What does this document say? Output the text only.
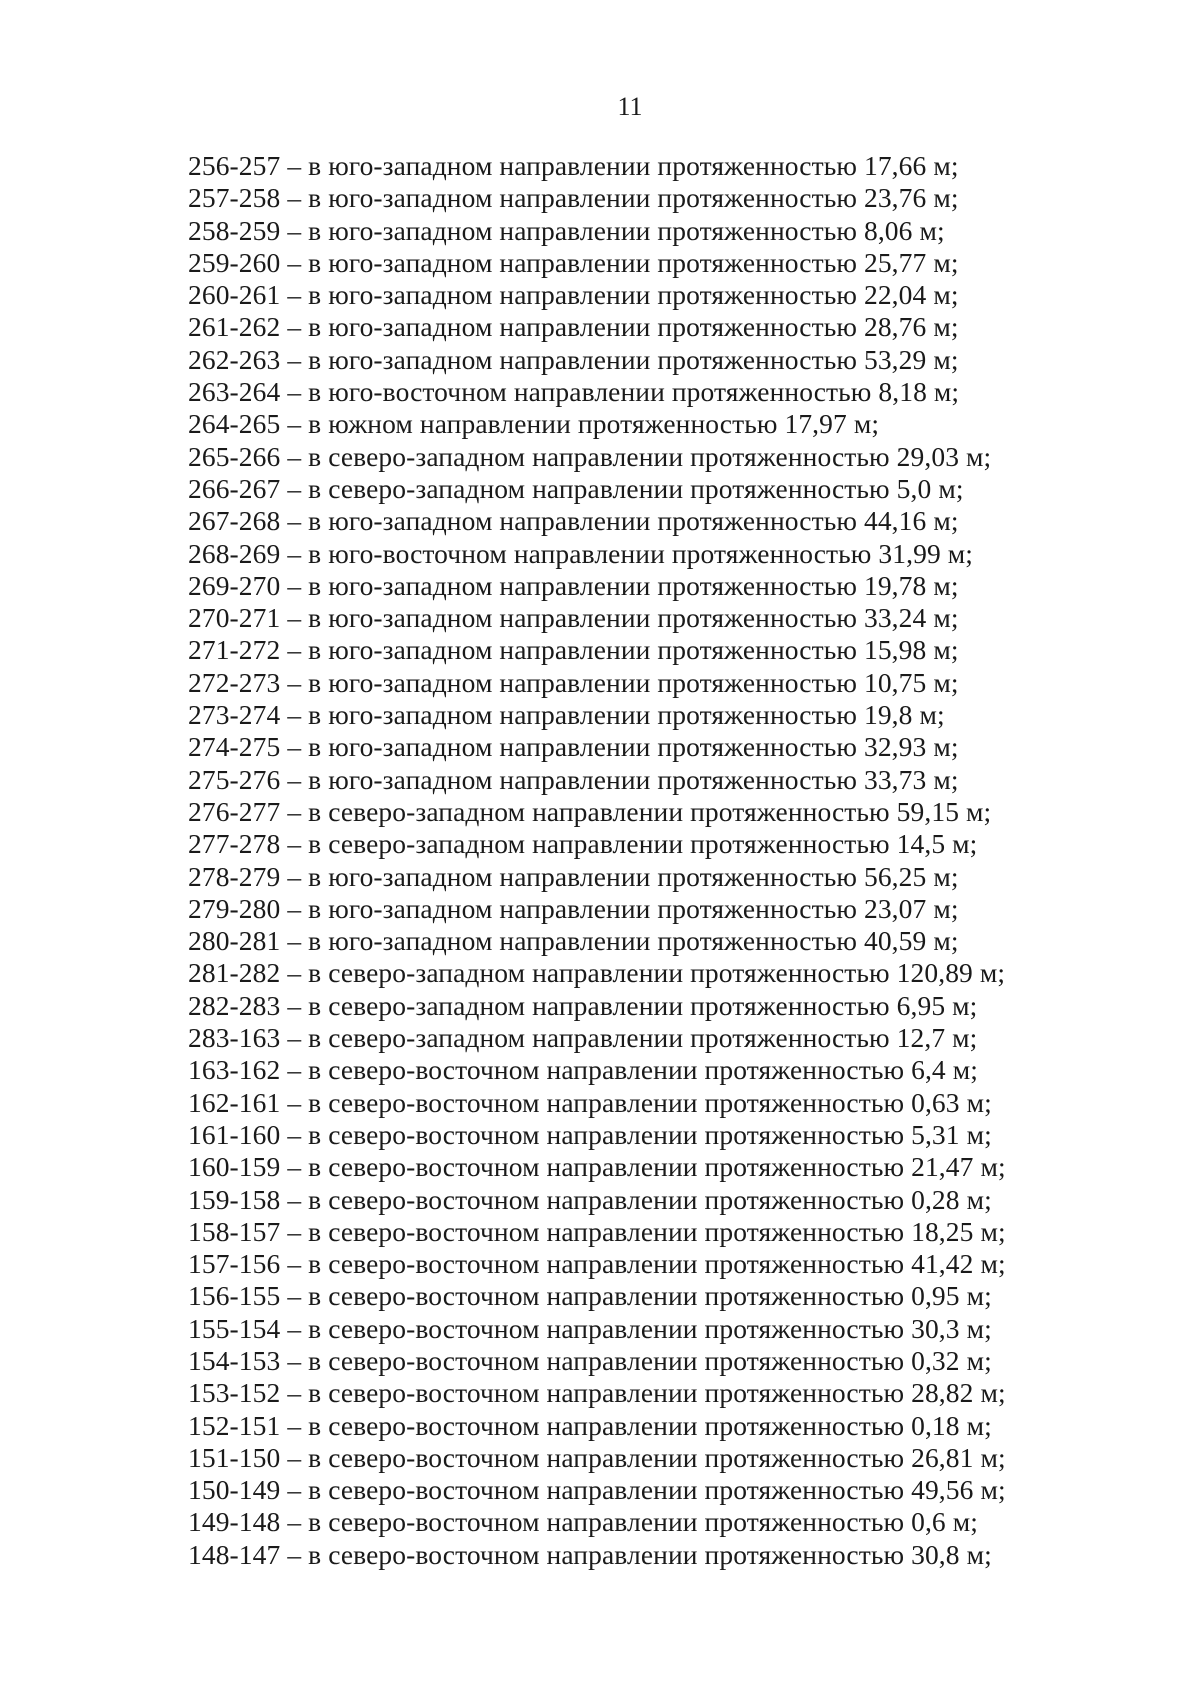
11
256-257 – в юго-западном направлении протяженностью 17,66 м;
257-258 – в юго-западном направлении протяженностью 23,76 м;
258-259 – в юго-западном направлении протяженностью 8,06 м;
259-260 – в юго-западном направлении протяженностью 25,77 м;
260-261 – в юго-западном направлении протяженностью 22,04 м;
261-262 – в юго-западном направлении протяженностью 28,76 м;
262-263 – в юго-западном направлении протяженностью 53,29 м;
263-264 – в юго-восточном направлении протяженностью 8,18 м;
264-265 – в южном направлении протяженностью 17,97 м;
265-266 – в северо-западном направлении протяженностью 29,03 м;
266-267 – в северо-западном направлении протяженностью 5,0 м;
267-268 – в юго-западном направлении протяженностью 44,16 м;
268-269 – в юго-восточном направлении протяженностью 31,99 м;
269-270 – в юго-западном направлении протяженностью 19,78 м;
270-271 – в юго-западном направлении протяженностью 33,24 м;
271-272 – в юго-западном направлении протяженностью 15,98 м;
272-273 – в юго-западном направлении протяженностью 10,75 м;
273-274 – в юго-западном направлении протяженностью 19,8 м;
274-275 – в юго-западном направлении протяженностью 32,93 м;
275-276 – в юго-западном направлении протяженностью 33,73 м;
276-277 – в северо-западном направлении протяженностью 59,15 м;
277-278 – в северо-западном направлении протяженностью 14,5 м;
278-279 – в юго-западном направлении протяженностью 56,25 м;
279-280 – в юго-западном направлении протяженностью 23,07 м;
280-281 – в юго-западном направлении протяженностью 40,59 м;
281-282 – в северо-западном направлении протяженностью 120,89 м;
282-283 – в северо-западном направлении протяженностью 6,95 м;
283-163 – в северо-западном направлении протяженностью 12,7 м;
163-162 – в северо-восточном направлении протяженностью 6,4 м;
162-161 – в северо-восточном направлении протяженностью 0,63 м;
161-160 – в северо-восточном направлении протяженностью 5,31 м;
160-159 – в северо-восточном направлении протяженностью 21,47 м;
159-158 – в северо-восточном направлении протяженностью 0,28 м;
158-157 – в северо-восточном направлении протяженностью 18,25 м;
157-156 – в северо-восточном направлении протяженностью 41,42 м;
156-155 – в северо-восточном направлении протяженностью 0,95 м;
155-154 – в северо-восточном направлении протяженностью 30,3 м;
154-153 – в северо-восточном направлении протяженностью 0,32 м;
153-152 – в северо-восточном направлении протяженностью 28,82 м;
152-151 – в северо-восточном направлении протяженностью 0,18 м;
151-150 – в северо-восточном направлении протяженностью 26,81 м;
150-149 – в северо-восточном направлении протяженностью 49,56 м;
149-148 – в северо-восточном направлении протяженностью 0,6 м;
148-147 – в северо-восточном направлении протяженностью 30,8 м;
